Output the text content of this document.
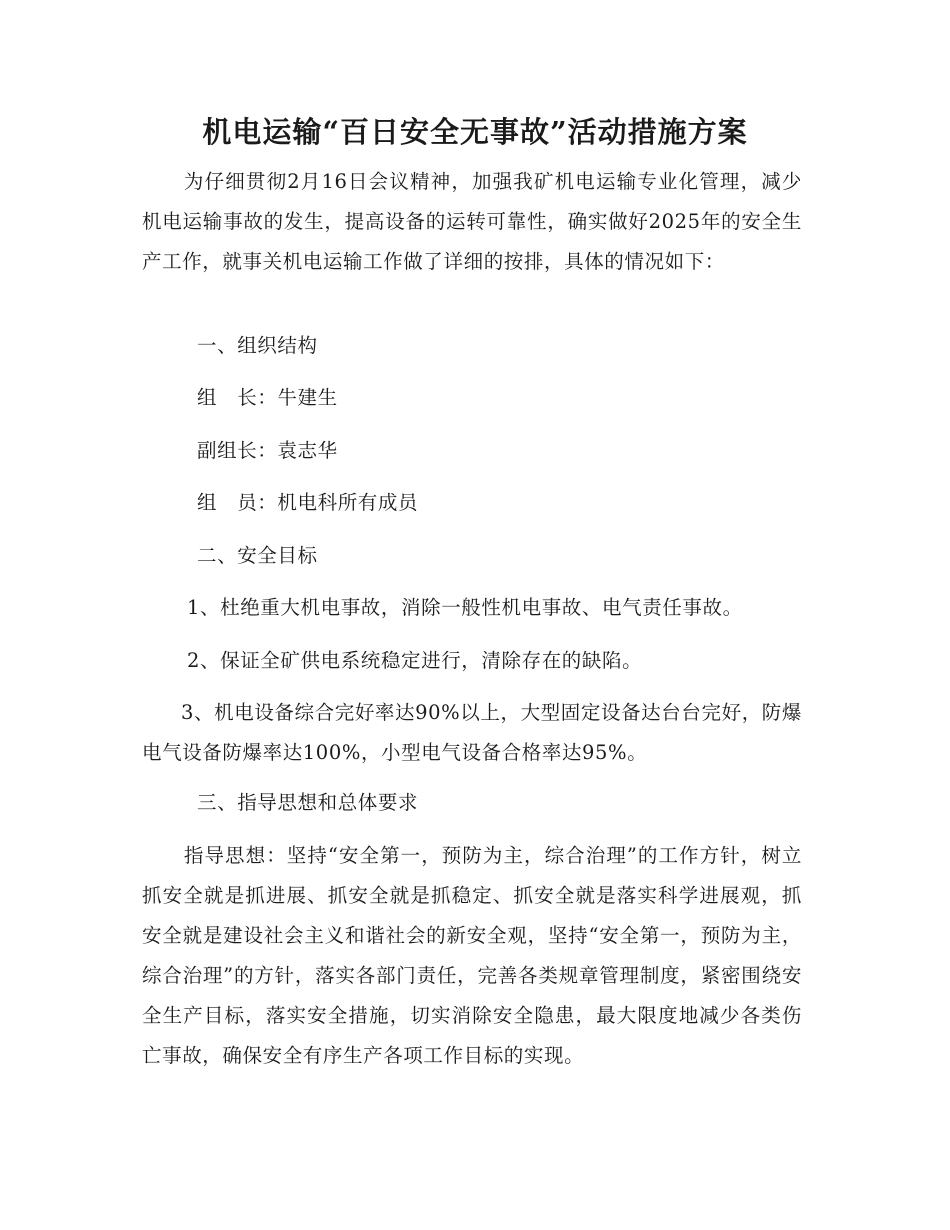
机电运输“百日安全无事故”活动措施方案
为仔细贯彻2月16日会议精神，加强我矿机电运输专业化管理，减少机电运输事故的发生，提高设备的运转可靠性，确实做好2025年的安全生产工作，就事关机电运输工作做了详细的按排，具体的情况如下：
一、组织结构
组　长：牛建生
副组长：袁志华
组　员：机电科所有成员
二、安全目标
1、杜绝重大机电事故，消除一般性机电事故、电气责任事故。
2、保证全矿供电系统稳定进行，清除存在的缺陷。
3、机电设备综合完好率达90%以上，大型固定设备达台台完好，防爆电气设备防爆率达100%，小型电气设备合格率达95%。
三、指导思想和总体要求
指导思想：坚持“安全第一，预防为主，综合治理”的工作方针，树立抓安全就是抓进展、抓安全就是抓稳定、抓安全就是落实科学进展观，抓安全就是建设社会主义和谐社会的新安全观，坚持“安全第一，预防为主，综合治理”的方针，落实各部门责任，完善各类规章管理制度，紧密围绕安全生产目标，落实安全措施，切实消除安全隐患，最大限度地减少各类伤亡事故，确保安全有序生产各项工作目标的实现。
